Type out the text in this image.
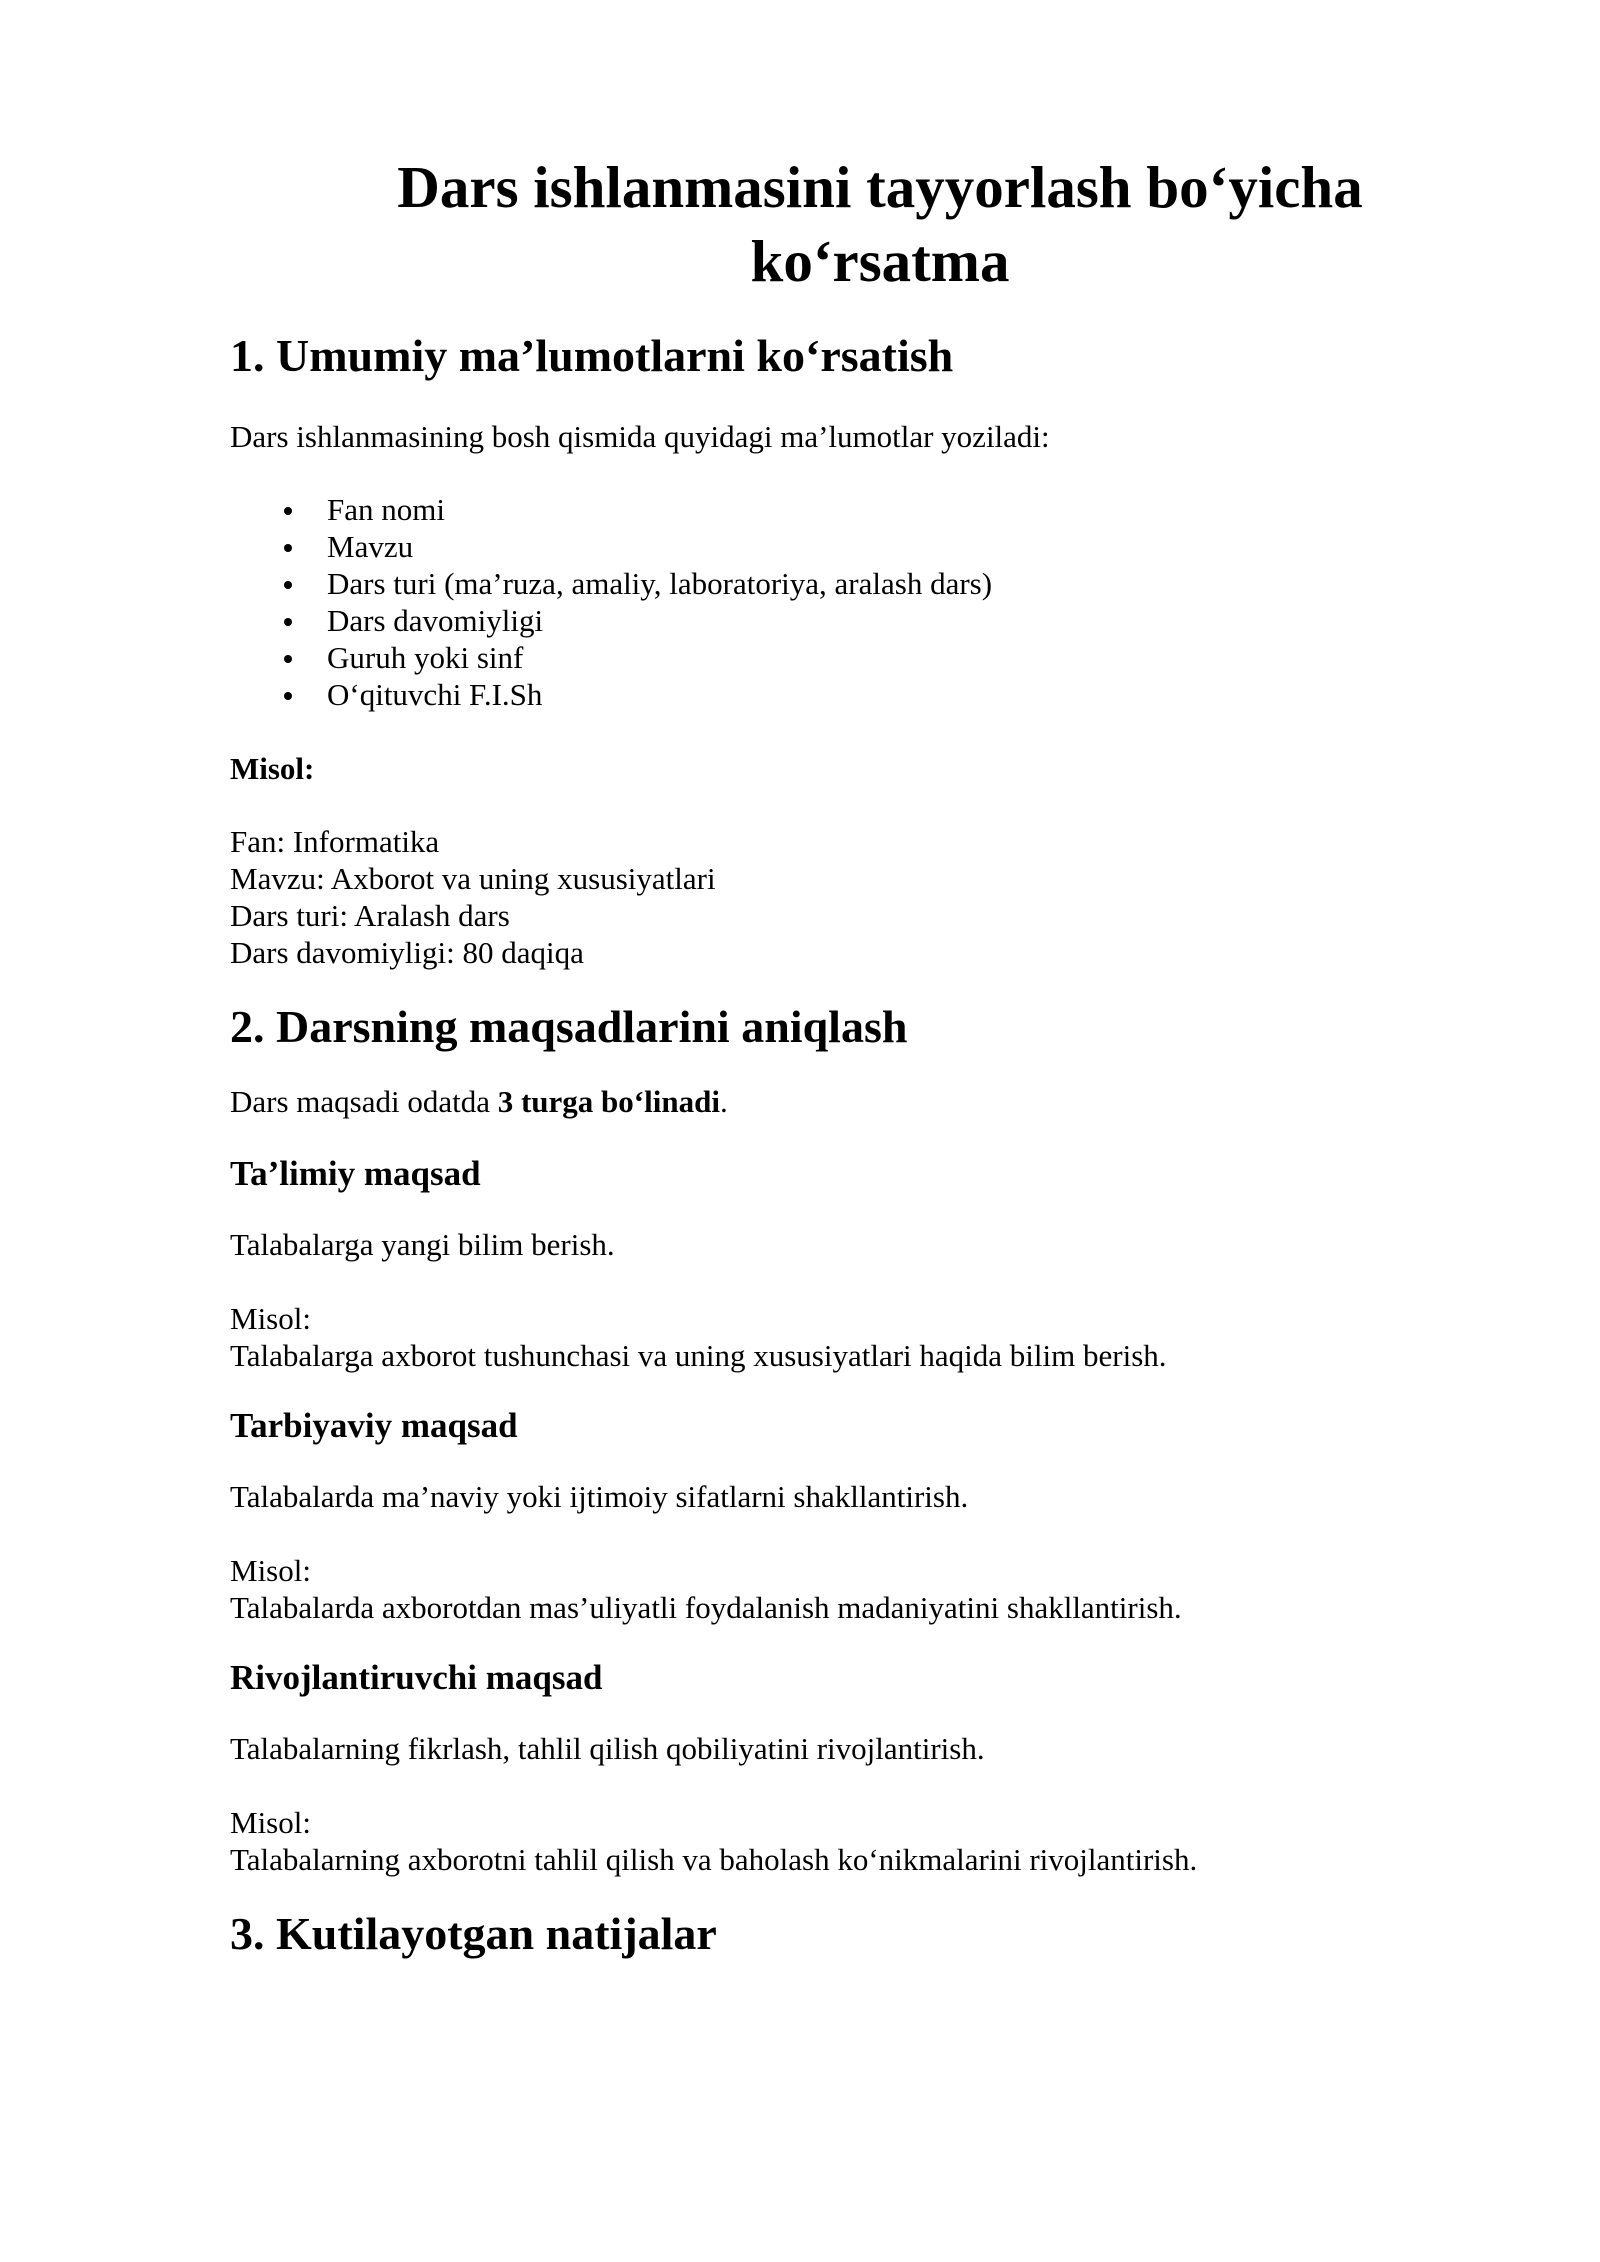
Dars ishlanmasini tayyorlash bo‘yicha
ko‘rsatma
1. Umumiy ma’lumotlarni ko‘rsatish

Dars ishlanmasining bosh qismida quyidagi ma’lumotlar yoziladi:

Fan nomi
Mavzu
Dars turi (ma’ruza, amaliy, laboratoriya, aralash dars)
Dars davomiyligi
Guruh yoki sinf
O‘qituvchi F.I.Sh

Misol:

Fan: Informatika
Mavzu: Axborot va uning xususiyatlari
Dars turi: Aralash dars
Dars davomiyligi: 80 daqiqa
2. Darsning maqsadlarini aniqlash

Dars maqsadi odatda 3 turga bo‘linadi.

Ta’limiy maqsad

Talabalarga yangi bilim berish.

Misol:

Talabalarga axborot tushunchasi va uning xususiyatlari haqida bilim berish.

Tarbiyaviy maqsad

Talabalarda ma’naviy yoki ijtimoiy sifatlarni shakllantirish.

Misol:

Talabalarda axborotdan mas’uliyatli foydalanish madaniyatini shakllantirish.

Rivojlantiruvchi maqsad

Talabalarning fikrlash, tahlil qilish qobiliyatini rivojlantirish.

Misol:

Talabalarning axborotni tahlil qilish va baholash ko‘nikmalarini rivojlantirish.

3. Kutilayotgan natijalar
